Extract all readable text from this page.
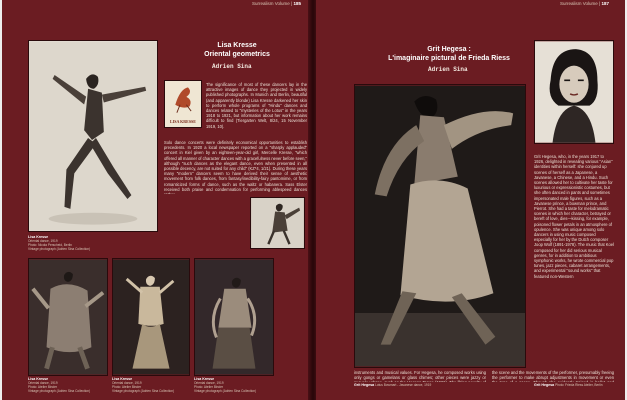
Surrealism Volume | 185
Lisa Kresse
Oriental dance, 1919
Photo: Nicola Perscheid, Berlin
Vintage photograph (Adrien Sina Collection)
Lisa Kresse
Oriental geometrics
Adrien Sina
LISA KRESSE
The significance of most of these dancers lay in the attractive images of dance they projected in widely published photographs. In Munich and Berlin, beautiful (and apparently blonde) Lisa Kresse darkened her skin to perform whole programs of "Hindu" dances and dances related to "mysteries of the Lotus" in the years 1918 to 1921, but information about her work remains difficult to find (Tiergarten Welt, 8/24, 15 November 1919, 10).
Solo dance concerts were definitely economical opportunities to establish precedents. In 1920 a local newspaper reported on a "sharply applauded" concert in Kiel given by an eighteen-year-old girl, Mercelle Kresse, "which offered all manner of character dances with a gracefulness never before seen," although "such dances as the elegant dance, even when presented in all possible decency, are not suited for any child" (KZ*4, 1/21). During these years many "modern" dancers seem to have derived their sense of aesthetic movement from folk dances, from fantasy/inedibility-fairy pantomime, or from romanticized forms of dance, such as the waltz or habanera. Sass Elster received both praise and condemnation for performing ablespeed dances
Lisa Kresse
Oriental dance, 1919
Photo: Atelier Binder
Vintage photograph (Adrien Sina Collection)
Lisa Kresse
Oriental dance, 1919
Photo: Atelier Binder
Vintage photograph (Adrien Sina Collection)
Lisa Kresse
Oriental dance, 1919
Photo: Atelier Binder
Vintage photograph (Adrien Sina Collection)
Surrealism Volume | 187
Grit Hegesa :
L'imaginaire pictural de Frieda Riess
Adrien Sina
Grit Hegesa, who, in the years 1917 to 1926, delighted in revealing various "Asian" identities within herself: she conjured up scenes of herself as a Japanese, a Javanese, a Chinese, and a Hindu. Such scenes allowed her to cultivate her taste for luxurious or expressionistic costumes, but she often danced in pants and sometimes impersonated male figures, such as a Javanese prince, a bowman prince, and Pierrot. She had a taste for melodramatic scenes in which her character, betrayed or bereft of love, dies—kissing, for example, poisoned flower petals in an atmosphere of opulence. She was unique among solo dancers in using music composed especially for her by the Dutch composer Joop Wolf (1891-1978). The music that Koel composed for her did serious musical genres, for in addition to ambitious symphonic works, he wrote commercial pop tunes, jazz pieces, cabaret arrangements, and experimental "sound works" that featured non-Western
instruments and musical values. For Hegesa, he composed works using only gongs or gamelans or glass chimes; other pieces were jazzy or
the scene and the movements of the performer, presumably freeing the performer to make abrupt adjustments in movement or even
Grit Hegesa Lotus Bowmart - Javanese dance, 1919	Grit Hegesa Photo: Frieda Riess Atelier, Berlin
